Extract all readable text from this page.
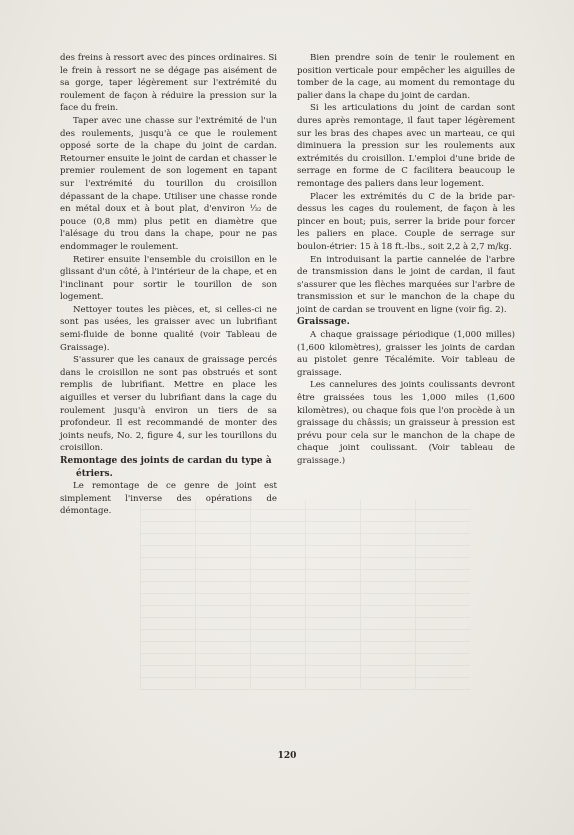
des freins à ressort avec des pinces ordinaires. Si le frein à ressort ne se dégage pas aisément de sa gorge, taper légèrement sur l'extrémité du roulement de façon à réduire la pression sur la face du frein.

Taper avec une chasse sur l'extrémité de l'un des roulements, jusqu'à ce que le roulement opposé sorte de la chape du joint de cardan. Retourner ensuite le joint de cardan et chasser le premier roulement de son logement en tapant sur l'extrémité du tourillon du croisillon dépassant de la chape. Utiliser une chasse ronde en métal doux et à bout plat, d'environ ⅟₃₂ de pouce (0,8 mm) plus petit en diamètre que l'alésage du trou dans la chape, pour ne pas endommager le roulement.

Retirer ensuite l'ensemble du croisillon en le glissant d'un côté, à l'intérieur de la chape, et en l'inclinant pour sortir le tourillon de son logement.

Nettoyer toutes les pièces, et, si celles-ci ne sont pas usées, les graisser avec un lubrifiant semi-fluide de bonne qualité (voir Tableau de Graissage).

S'assurer que les canaux de graissage percés dans le croisillon ne sont pas obstrués et sont remplis de lubrifiant. Mettre en place les aiguilles et verser du lubrifiant dans la cage du roulement jusqu'à environ un tiers de sa profondeur. Il est recommandé de monter des joints neufs, No. 2, figure 4, sur les tourillons du croisillon.

Remontage des joints de cardan du type à
étriers.

Le remontage de ce genre de joint est simplement l'inverse des opérations de démontage.

Bien prendre soin de tenir le roulement en position verticale pour empêcher les aiguilles de tomber de la cage, au moment du remontage du palier dans la chape du joint de cardan.

Si les articulations du joint de cardan sont dures après remontage, il faut taper légèrement sur les bras des chapes avec un marteau, ce qui diminuera la pression sur les roulements aux extrémités du croisillon. L'emploi d'une bride de serrage en forme de C facilitera beaucoup le remontage des paliers dans leur logement.

Placer les extrémités du C de la bride par-dessus les cages du roulement, de façon à les pincer en bout; puis, serrer la bride pour forcer les paliers en place. Couple de serrage sur boulon-étrier: 15 à 18 ft.-lbs., soit 2,2 à 2,7 m/kg.

En introduisant la partie cannelée de l'arbre de transmission dans le joint de cardan, il faut s'assurer que les flèches marquées sur l'arbre de transmission et sur le manchon de la chape du joint de cardan se trouvent en ligne (voir fig. 2).

Graissage.

A chaque graissage périodique (1,000 milles) (1,600 kilomètres), graisser les joints de cardan au pistolet genre Técalémite. Voir tableau de graissage.

Les cannelures des joints coulissants devront être graissées tous les 1,000 miles (1,600 kilomètres), ou chaque fois que l'on procède à un graissage du châssis; un graisseur à pression est prévu pour cela sur le manchon de la chape de chaque joint coulissant. (Voir tableau de graissage.)

120
